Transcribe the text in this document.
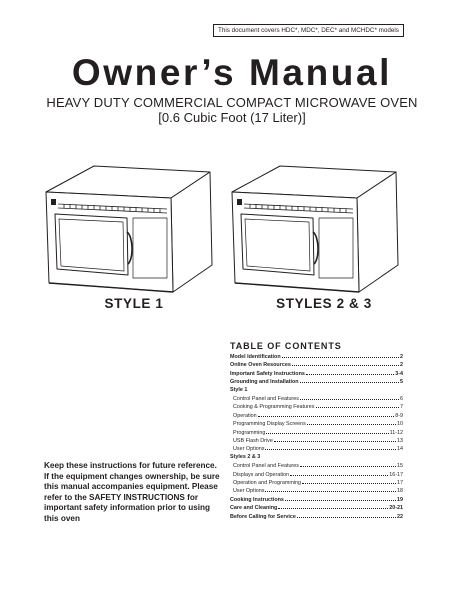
This document covers HDC*, MDC*, DEC* and MCHDC* models
Owner’s Manual
HEAVY DUTY COMMERCIAL COMPACT MICROWAVE OVEN
[0.6 Cubic Foot (17 Liter)]
STYLE 1	STYLES 2 & 3
TABLE OF CONTENTS
Model Identification	2
Online Oven Resources	2
Important Safety Instructions	3-4
Grounding and Installation	5
Style 1
Control Panel and Features	6
Cooking & Programming Features	7
Operation	8-9
Programming Display Screens	10
Programming	11-12
USB Flash Drive	13
User Options	14
Styles 2 & 3
Control Panel and Features	15
Displays and Operation	16-17
Operation and Programming	17
User Options	18
Cooking Instructions	19
Care and Cleaning	20-21
Before Calling for Service	22
Keep these instructions for future reference. If the equipment changes ownership, be sure this manual accompanies equipment. Please refer to the SAFETY INSTRUCTIONS for important safety information prior to using this oven
